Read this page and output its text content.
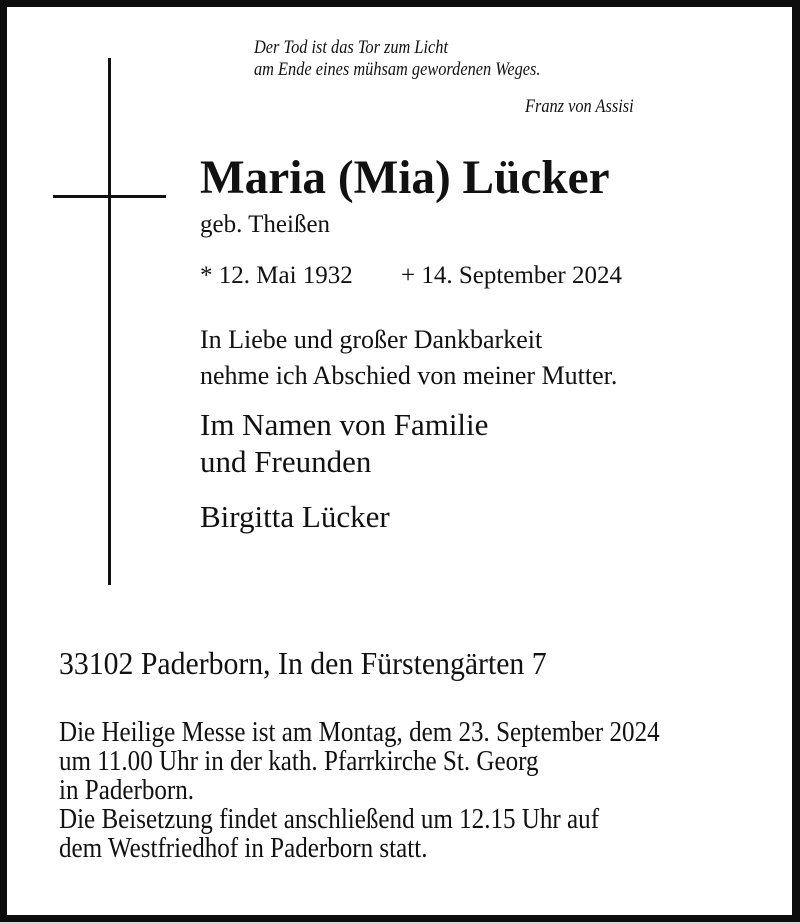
Der Tod ist das Tor zum Licht

am Ende eines mühsam gewordenen Weges.

Franz von Assisi

Maria (Mia) Lücker

geb. Theißen

* 12. Mai 1932 + 14. September 2024

In Liebe und großer Dankbarkeit

nehme ich Abschied von meiner Mutter.

Im Namen von Familie

und Freunden

Birgitta Lücker

33102 Paderborn, In den Fürstengärten 7

Die Heilige Messe ist am Montag, dem 23. September 2024

um 11.00 Uhr in der kath. Pfarrkirche St. Georg

in Paderborn.

Die Beisetzung findet anschließend um 12.15 Uhr auf

dem Westfriedhof in Paderborn statt.
